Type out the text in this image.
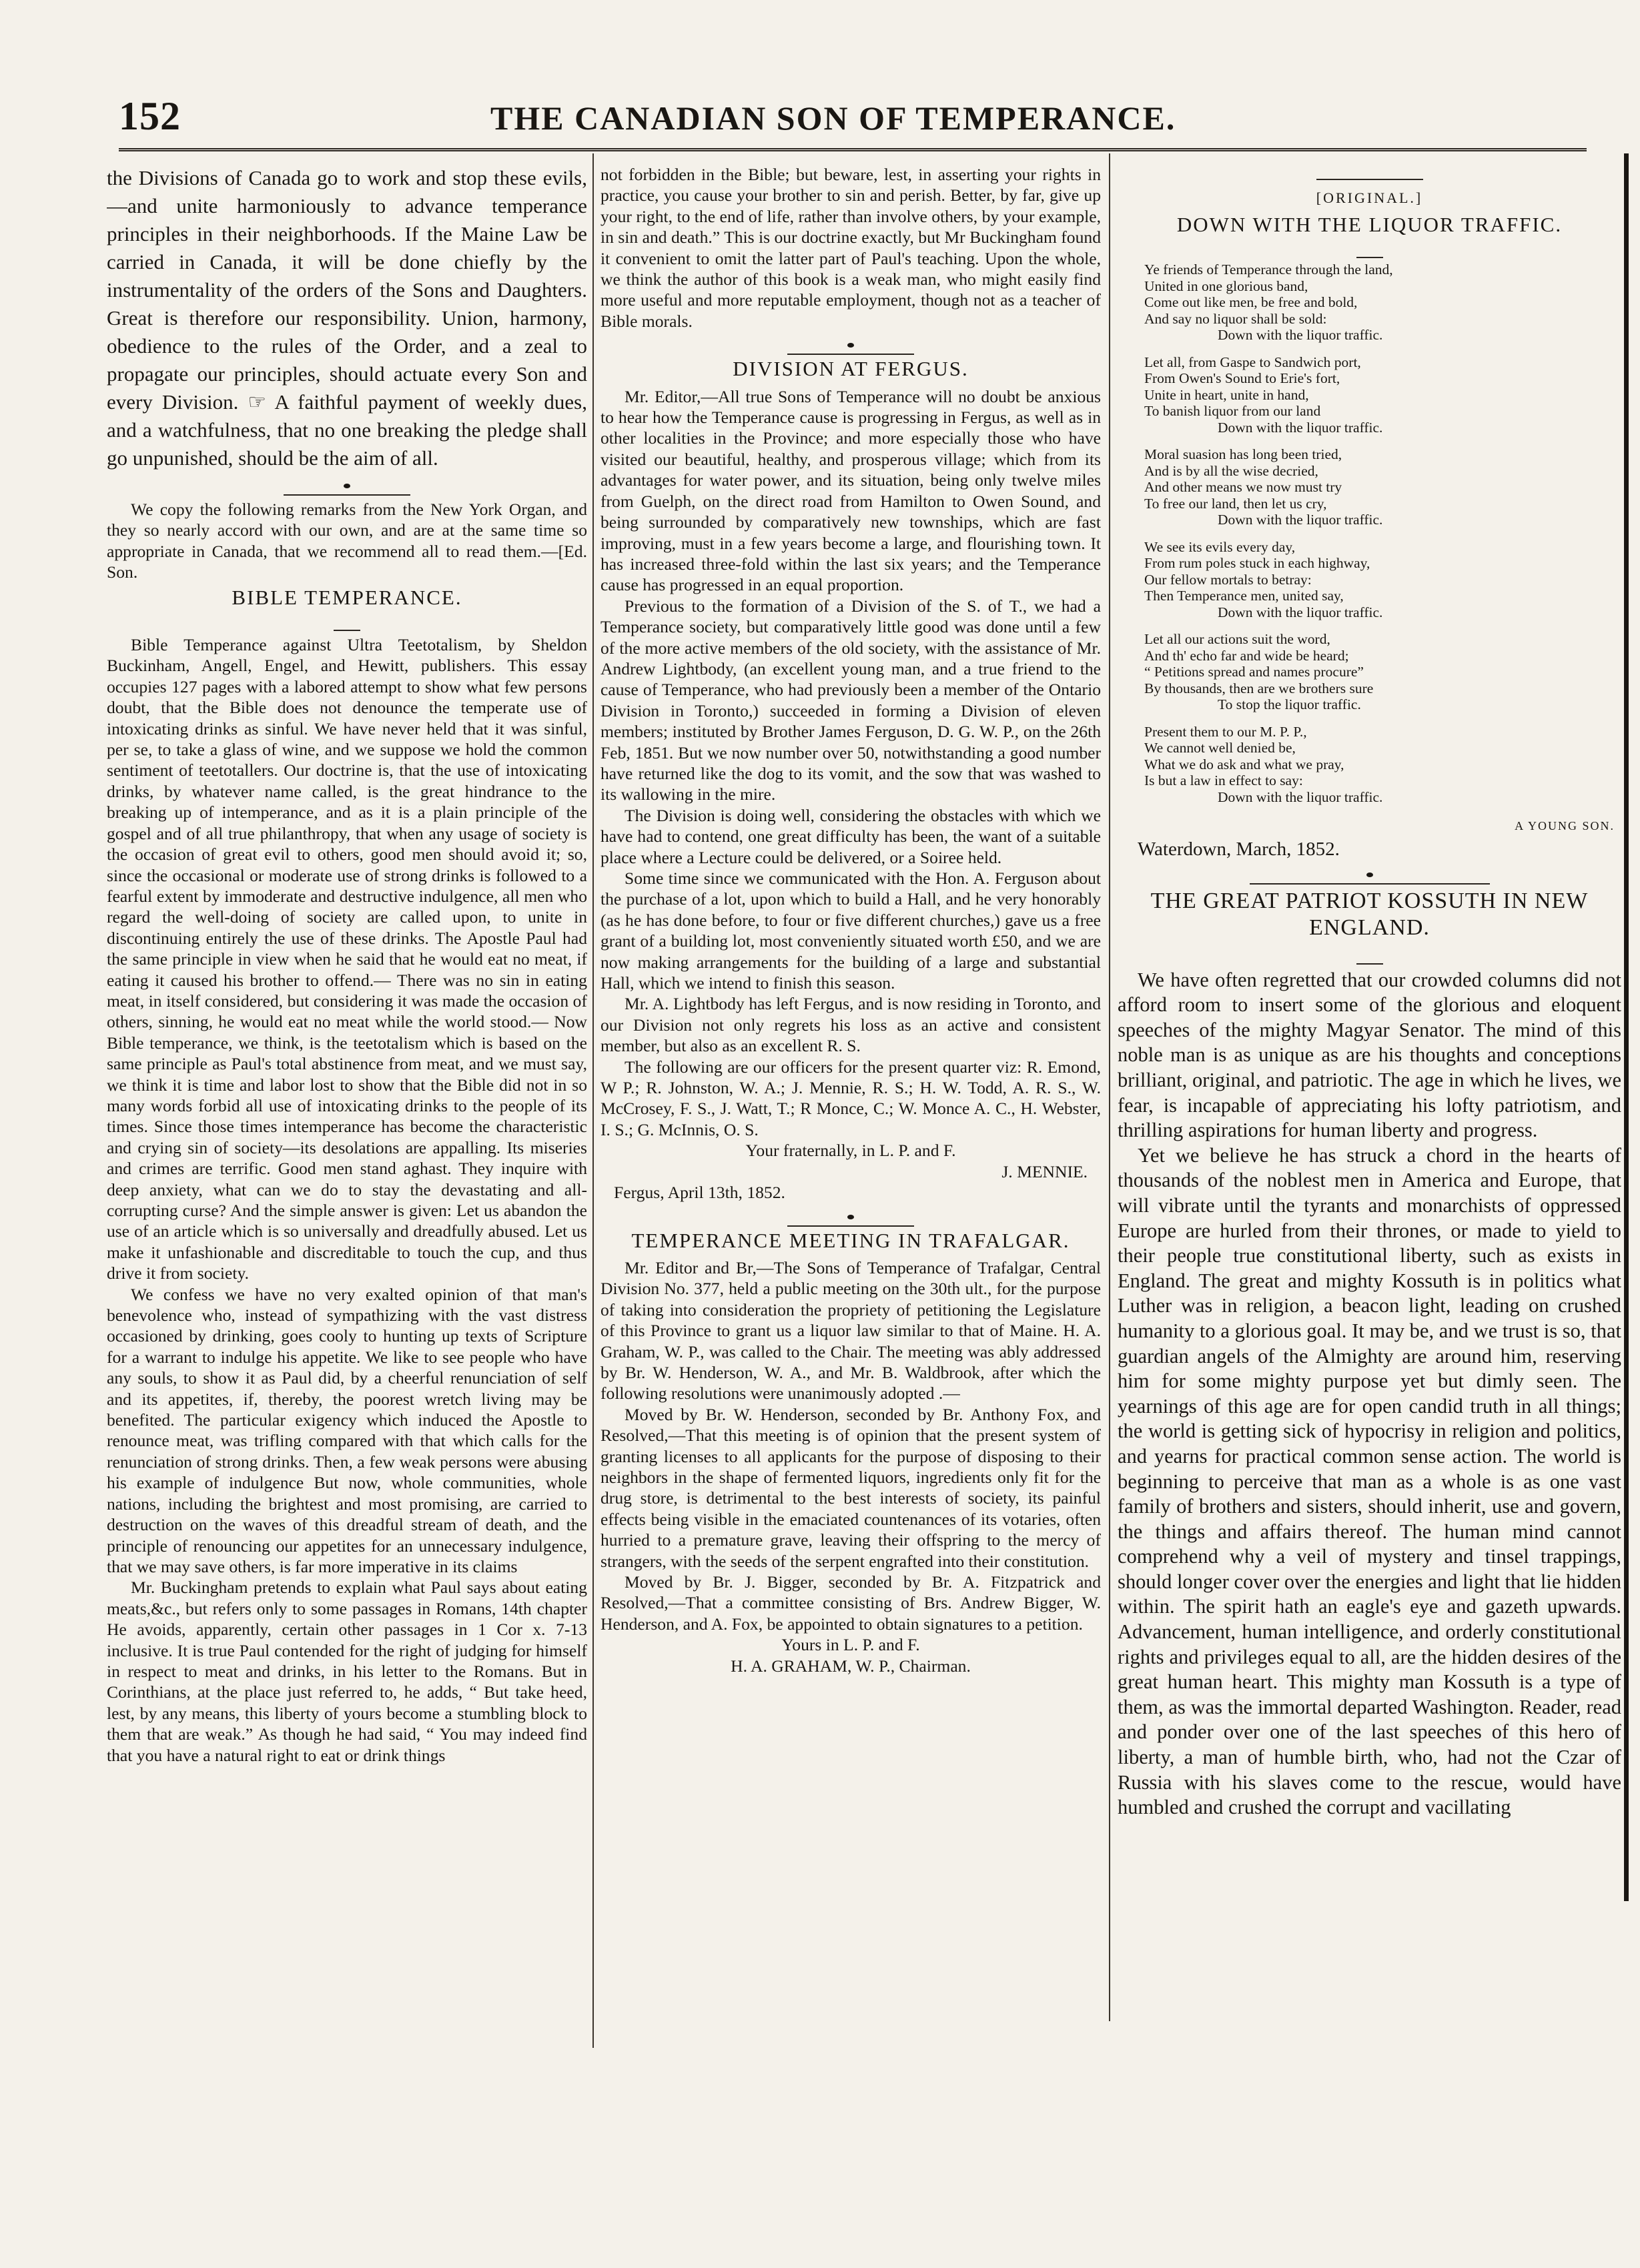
152	THE CANADIAN SON OF TEMPERANCE.

the Divisions of Canada go to work and stop these evils,—and unite harmoniously to advance temperance principles in their neighborhoods. If the Maine Law be carried in Canada, it will be done chiefly by the instrumentality of the orders of the Sons and Daughters. Great is therefore our responsibility. Union, harmony, obedience to the rules of the Order, and a zeal to propagate our principles, should actuate every Son and every Division. ☞ A faithful payment of weekly dues, and a watchfulness, that no one breaking the pledge shall go unpunished, should be the aim of all.

We copy the following remarks from the New York Organ, and they so nearly accord with our own, and are at the same time so appropriate in Canada, that we recommend all to read them.—[Ed. Son.

BIBLE TEMPERANCE.

Bible Temperance against Ultra Teetotalism, by Sheldon Buckinham, Angell, Engel, and Hewitt, publishers. This essay occupies 127 pages with a labored attempt to show what few persons doubt, that the Bible does not denounce the temperate use of intoxicating drinks as sinful. We have never held that it was sinful, per se, to take a glass of wine, and we suppose we hold the common sentiment of teetotallers. Our doctrine is, that the use of intoxicating drinks, by whatever name called, is the great hindrance to the breaking up of intemperance, and as it is a plain principle of the gospel and of all true philanthropy, that when any usage of society is the occasion of great evil to others, good men should avoid it; so, since the occasional or moderate use of strong drinks is followed to a fearful extent by immoderate and destructive indulgence, all men who regard the well-doing of society are called upon, to unite in discontinuing entirely the use of these drinks. The Apostle Paul had the same principle in view when he said that he would eat no meat, if eating it caused his brother to offend.— There was no sin in eating meat, in itself considered, but considering it was made the occasion of others, sinning, he would eat no meat while the world stood.— Now Bible temperance, we think, is the teetotalism which is based on the same principle as Paul's total abstinence from meat, and we must say, we think it is time and labor lost to show that the Bible did not in so many words forbid all use of intoxicating drinks to the people of its times. Since those times intemperance has become the characteristic and crying sin of society—its desolations are appalling. Its miseries and crimes are terrific. Good men stand aghast. They inquire with deep anxiety, what can we do to stay the devastating and all-corrupting curse? And the simple answer is given: Let us abandon the use of an article which is so universally and dreadfully abused. Let us make it unfashionable and discreditable to touch the cup, and thus drive it from society.

We confess we have no very exalted opinion of that man's benevolence who, instead of sympathizing with the vast distress occasioned by drinking, goes cooly to hunting up texts of Scripture for a warrant to indulge his appetite. We like to see people who have any souls, to show it as Paul did, by a cheerful renunciation of self and its appetites, if, thereby, the poorest wretch living may be benefited. The particular exigency which induced the Apostle to renounce meat, was trifling compared with that which calls for the renunciation of strong drinks. Then, a few weak persons were abusing his example of indulgence But now, whole communities, whole nations, including the brightest and most promising, are carried to destruction on the waves of this dreadful stream of death, and the principle of renouncing our appetites for an unnecessary indulgence, that we may save others, is far more imperative in its claims

Mr. Buckingham pretends to explain what Paul says about eating meats,&c., but refers only to some passages in Romans, 14th chapter He avoids, apparently, certain other passages in 1 Cor x. 7-13 inclusive. It is true Paul contended for the right of judging for himself in respect to meat and drinks, in his letter to the Romans. But in Corinthians, at the place just referred to, he adds, “ But take heed, lest, by any means, this liberty of yours become a stumbling block to them that are weak.” As though he had said, “ You may indeed find that you have a natural right to eat or drink things

not forbidden in the Bible; but beware, lest, in asserting your rights in practice, you cause your brother to sin and perish. Better, by far, give up your right, to the end of life, rather than involve others, by your example, in sin and death.” This is our doctrine exactly, but Mr Buckingham found it convenient to omit the latter part of Paul's teaching. Upon the whole, we think the author of this book is a weak man, who might easily find more useful and more reputable employment, though not as a teacher of Bible morals.

DIVISION AT FERGUS.

Mr. Editor,—All true Sons of Temperance will no doubt be anxious to hear how the Temperance cause is progressing in Fergus, as well as in other localities in the Province; and more especially those who have visited our beautiful, healthy, and prosperous village; which from its advantages for water power, and its situation, being only twelve miles from Guelph, on the direct road from Hamilton to Owen Sound, and being surrounded by comparatively new townships, which are fast improving, must in a few years become a large, and flourishing town. It has increased three-fold within the last six years; and the Temperance cause has progressed in an equal proportion.

Previous to the formation of a Division of the S. of T., we had a Temperance society, but comparatively little good was done until a few of the more active members of the old society, with the assistance of Mr. Andrew Lightbody, (an excellent young man, and a true friend to the cause of Temperance, who had previously been a member of the Ontario Division in Toronto,) succeeded in forming a Division of eleven members; instituted by Brother James Ferguson, D. G. W. P., on the 26th Feb, 1851. But we now number over 50, notwithstanding a good number have returned like the dog to its vomit, and the sow that was washed to its wallowing in the mire.

The Division is doing well, considering the obstacles with which we have had to contend, one great difficulty has been, the want of a suitable place where a Lecture could be delivered, or a Soiree held.

Some time since we communicated with the Hon. A. Ferguson about the purchase of a lot, upon which to build a Hall, and he very honorably (as he has done before, to four or five different churches,) gave us a free grant of a building lot, most conveniently situated worth £50, and we are now making arrangements for the building of a large and substantial Hall, which we intend to finish this season.

Mr. A. Lightbody has left Fergus, and is now residing in Toronto, and our Division not only regrets his loss as an active and consistent member, but also as an excellent R. S.

The following are our officers for the present quarter viz: R. Emond, W P.; R. Johnston, W. A.; J. Mennie, R. S.; H. W. Todd, A. R. S., W. McCrosey, F. S., J. Watt, T.; R Monce, C.; W. Monce A. C., H. Webster, I. S.; G. McInnis, O. S.

Your fraternally, in L. P. and F.

J. MENNIE.

Fergus, April 13th, 1852.

TEMPERANCE MEETING IN TRAFALGAR.

Mr. Editor and Br,—The Sons of Temperance of Trafalgar, Central Division No. 377, held a public meeting on the 30th ult., for the purpose of taking into consideration the propriety of petitioning the Legislature of this Province to grant us a liquor law similar to that of Maine. H. A. Graham, W. P., was called to the Chair. The meeting was ably addressed by Br. W. Henderson, W. A., and Mr. B. Waldbrook, after which the following resolutions were unanimously adopted .—

Moved by Br. W. Henderson, seconded by Br. Anthony Fox, and Resolved,—That this meeting is of opinion that the present system of granting licenses to all applicants for the purpose of disposing to their neighbors in the shape of fermented liquors, ingredients only fit for the drug store, is detrimental to the best interests of society, its painful effects being visible in the emaciated countenances of its votaries, often hurried to a premature grave, leaving their offspring to the mercy of strangers, with the seeds of the serpent engrafted into their constitution.

Moved by Br. J. Bigger, seconded by Br. A. Fitzpatrick and Resolved,—That a committee consisting of Brs. Andrew Bigger, W. Henderson, and A. Fox, be appointed to obtain signatures to a petition.

Yours in L. P. and F.

H. A. GRAHAM, W. P., Chairman.

[ORIGINAL.]
DOWN WITH THE LIQUOR TRAFFIC.
Ye friends of Temperance through the land,
United in one glorious band,
Come out like men, be free and bold,
And say no liquor shall be sold:
Down with the liquor traffic.
Let all, from Gaspe to Sandwich port,
From Owen's Sound to Erie's fort,
Unite in heart, unite in hand,
To banish liquor from our land
Down with the liquor traffic.
Moral suasion has long been tried,
And is by all the wise decried,
And other means we now must try
To free our land, then let us cry,
Down with the liquor traffic.
We see its evils every day,
From rum poles stuck in each highway,
Our fellow mortals to betray:
Then Temperance men, united say,
Down with the liquor traffic.
Let all our actions suit the word,
And th' echo far and wide be heard;
“ Petitions spread and names procure”
By thousands, then are we brothers sure
To stop the liquor traffic.
Present them to our M. P. P.,
We cannot well denied be,
What we do ask and what we pray,
Is but a law in effect to say:
Down with the liquor traffic.
A YOUNG SON.
Waterdown, March, 1852.
THE GREAT PATRIOT KOSSUTH IN NEW ENGLAND.

We have often regretted that our crowded columns did not afford room to insert some of the glorious and eloquent speeches of the mighty Magyar Senator. The mind of this noble man is as unique as are his thoughts and conceptions brilliant, original, and patriotic. The age in which he lives, we fear, is incapable of appreciating his lofty patriotism, and thrilling aspirations for human liberty and progress.

Yet we believe he has struck a chord in the hearts of thousands of the noblest men in America and Europe, that will vibrate until the tyrants and monarchists of oppressed Europe are hurled from their thrones, or made to yield to their people true constitutional liberty, such as exists in England. The great and mighty Kossuth is in politics what Luther was in religion, a beacon light, leading on crushed humanity to a glorious goal. It may be, and we trust is so, that guardian angels of the Almighty are around him, reserving him for some mighty purpose yet but dimly seen. The yearnings of this age are for open candid truth in all things; the world is getting sick of hypocrisy in religion and politics, and yearns for practical common sense action. The world is beginning to perceive that man as a whole is as one vast family of brothers and sisters, should inherit, use and govern, the things and affairs thereof. The human mind cannot comprehend why a veil of mystery and tinsel trappings, should longer cover over the energies and light that lie hidden within. The spirit hath an eagle's eye and gazeth upwards. Advancement, human intelligence, and orderly constitutional rights and privileges equal to all, are the hidden desires of the great human heart. This mighty man Kossuth is a type of them, as was the immortal departed Washington. Reader, read and ponder over one of the last speeches of this hero of liberty, a man of humble birth, who, had not the Czar of Russia with his slaves come to the rescue, would have humbled and crushed the corrupt and vacillating
